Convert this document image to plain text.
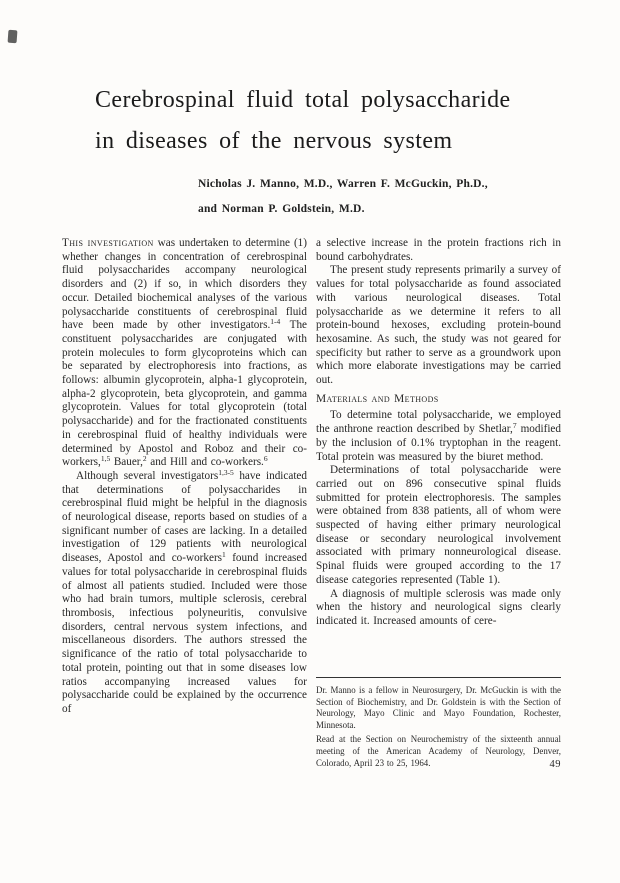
Cerebrospinal fluid total polysaccharide
in diseases of the nervous system
Nicholas J. Manno, M.D., Warren F. McGuckin, Ph.D.,
and Norman P. Goldstein, M.D.

This investigation was undertaken to determine (1) whether changes in concentration of cerebrospinal fluid polysaccharides accompany neurological disorders and (2) if so, in which disorders they occur. Detailed biochemical analyses of the various polysaccharide constituents of cerebrospinal fluid have been made by other investigators.$^{1-4}$ The constituent polysaccharides are conjugated with protein molecules to form glycoproteins which can be separated by electrophoresis into fractions, as follows: albumin glycoprotein, alpha-1 glycoprotein, alpha-2 glycoprotein, beta glycoprotein, and gamma glycoprotein. Values for total glycoprotein (total polysaccharide) and for the fractionated constituents in cerebrospinal fluid of healthy individuals were determined by Apostol and Roboz and their co-workers,$^{1,5}$ Bauer,$^2$ and Hill and co-workers.$^6$

Although several investigators$^{1,3-5}$ have indicated that determinations of polysaccharides in cerebrospinal fluid might be helpful in the diagnosis of neurological disease, reports based on studies of a significant number of cases are lacking. In a detailed investigation of 129 patients with neurological diseases, Apostol and co-workers$^1$ found increased values for total polysaccharide in cerebrospinal fluids of almost all patients studied. Included were those who had brain tumors, multiple sclerosis, cerebral thrombosis, infectious polyneuritis, convulsive disorders, central nervous system infections, and miscellaneous disorders. The authors stressed the significance of the ratio of total polysaccharide to total protein, pointing out that in some diseases low ratios accompanying increased values for polysaccharide could be explained by the occurrence of

a selective increase in the protein fractions rich in bound carbohydrates.

The present study represents primarily a survey of values for total polysaccharide as found associated with various neurological diseases. Total polysaccharide as we determine it refers to all protein-bound hexoses, excluding protein-bound hexosamine. As such, the study was not geared for specificity but rather to serve as a groundwork upon which more elaborate investigations may be carried out.

Materials and Methods

To determine total polysaccharide, we employed the anthrone reaction described by Shetlar,$^7$ modified by the inclusion of 0.1% tryptophan in the reagent. Total protein was measured by the biuret method.

Determinations of total polysaccharide were carried out on 896 consecutive spinal fluids submitted for protein electrophoresis. The samples were obtained from 838 patients, all of whom were suspected of having either primary neurological disease or secondary neurological involvement associated with primary nonneurological disease. Spinal fluids were grouped according to the 17 disease categories represented (Table 1).

A diagnosis of multiple sclerosis was made only when the history and neurological signs clearly indicated it. Increased amounts of cere-

Dr. Manno is a fellow in Neurosurgery, Dr. McGuckin is with the Section of Biochemistry, and Dr. Goldstein is with the Section of Neurology, Mayo Clinic and Mayo Foundation, Rochester, Minnesota.

Read at the Section on Neurochemistry of the sixteenth annual meeting of the American Academy of Neurology, Denver, Colorado, April 23 to 25, 1964.	49
